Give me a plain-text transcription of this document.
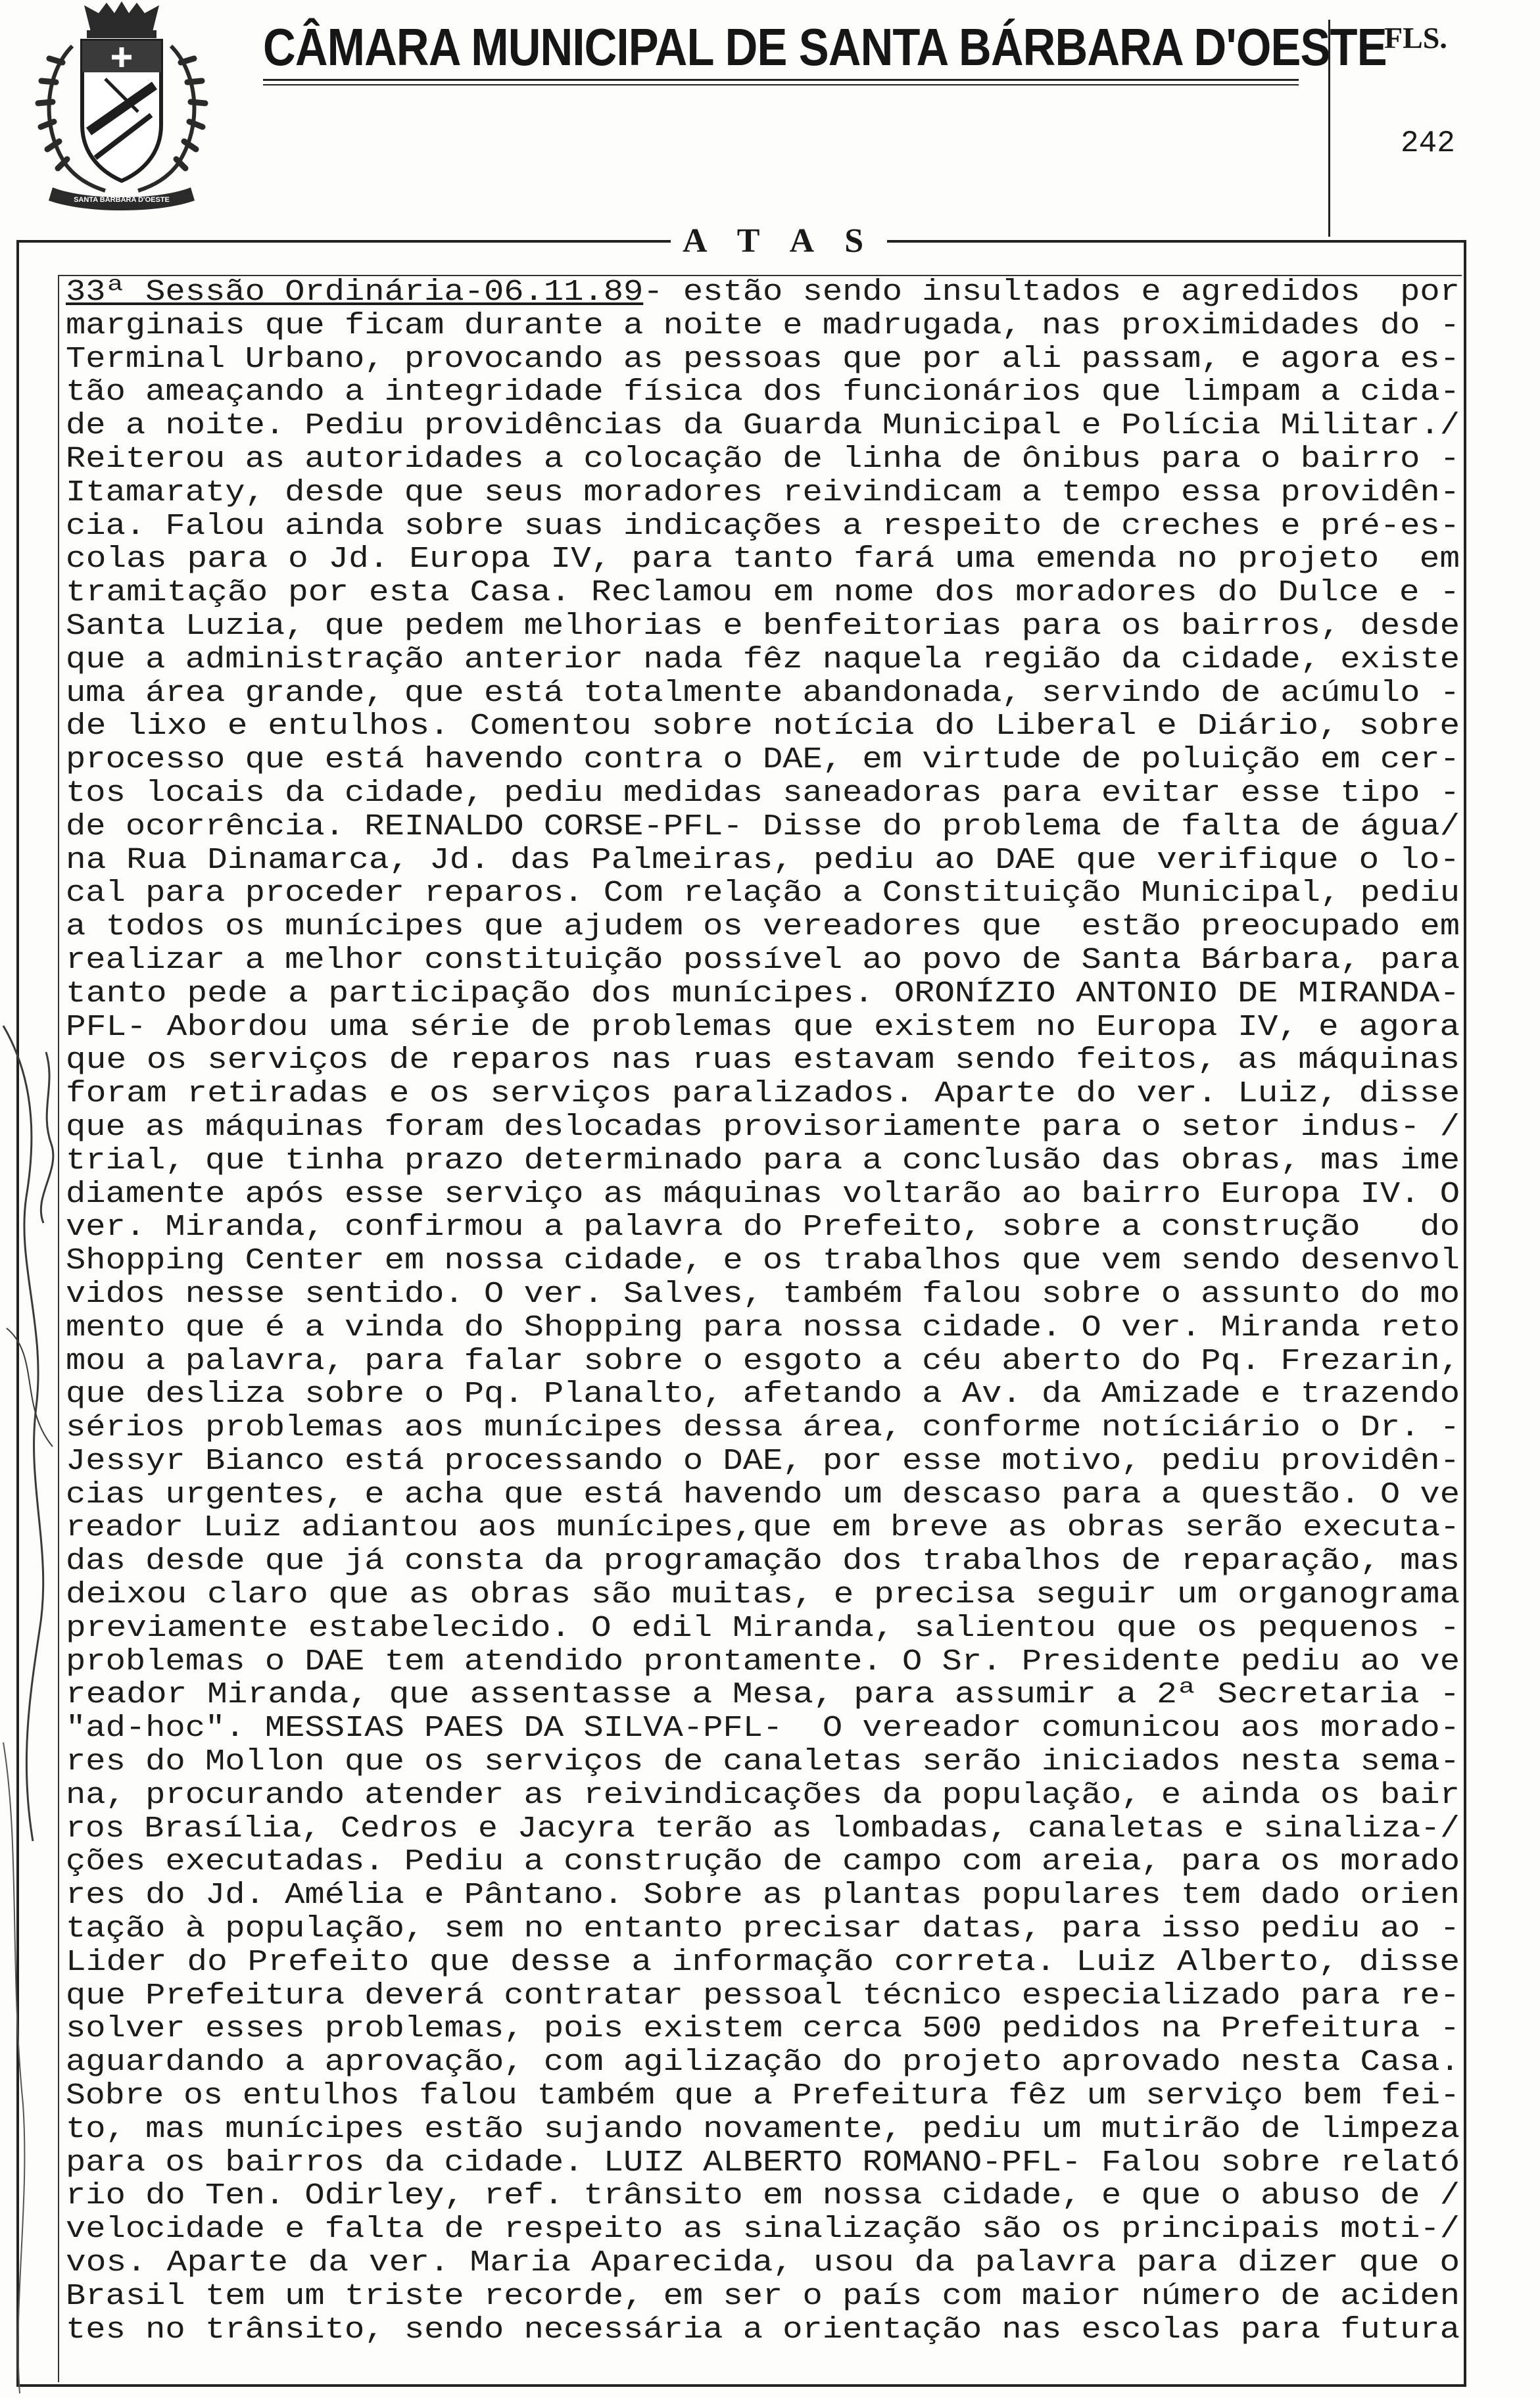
SANTA BARBARA D'OESTE
CÂMARA MUNICIPAL DE SANTA BÁRBARA D'OESTE
FLS.
242
A T A S
33ª Sessão Ordinária-06.11.89- estão sendo insultados e agredidos  por
marginais que ficam durante a noite e madrugada, nas proximidades do -
Terminal Urbano, provocando as pessoas que por ali passam, e agora es-
tão ameaçando a integridade física dos funcionários que limpam a cida-
de a noite. Pediu providências da Guarda Municipal e Polícia Militar./
Reiterou as autoridades a colocação de linha de ônibus para o bairro -
Itamaraty, desde que seus moradores reivindicam a tempo essa providên-
cia. Falou ainda sobre suas indicações a respeito de creches e pré-es-
colas para o Jd. Europa IV, para tanto fará uma emenda no projeto  em
tramitação por esta Casa. Reclamou em nome dos moradores do Dulce e -
Santa Luzia, que pedem melhorias e benfeitorias para os bairros, desde
que a administração anterior nada fêz naquela região da cidade, existe
uma área grande, que está totalmente abandonada, servindo de acúmulo -
de lixo e entulhos. Comentou sobre notícia do Liberal e Diário, sobre
processo que está havendo contra o DAE, em virtude de poluição em cer-
tos locais da cidade, pediu medidas saneadoras para evitar esse tipo -
de ocorrência. REINALDO CORSE-PFL- Disse do problema de falta de água/
na Rua Dinamarca, Jd. das Palmeiras, pediu ao DAE que verifique o lo-
cal para proceder reparos. Com relação a Constituição Municipal, pediu
a todos os munícipes que ajudem os vereadores que  estão preocupado em
realizar a melhor constituição possível ao povo de Santa Bárbara, para
tanto pede a participação dos munícipes. ORONÍZIO ANTONIO DE MIRANDA-
PFL- Abordou uma série de problemas que existem no Europa IV, e agora
que os serviços de reparos nas ruas estavam sendo feitos, as máquinas
foram retiradas e os serviços paralizados. Aparte do ver. Luiz, disse
que as máquinas foram deslocadas provisoriamente para o setor indus- /
trial, que tinha prazo determinado para a conclusão das obras, mas ime
diamente após esse serviço as máquinas voltarão ao bairro Europa IV. O
ver. Miranda, confirmou a palavra do Prefeito, sobre a construção   do
Shopping Center em nossa cidade, e os trabalhos que vem sendo desenvol
vidos nesse sentido. O ver. Salves, também falou sobre o assunto do mo
mento que é a vinda do Shopping para nossa cidade. O ver. Miranda reto
mou a palavra, para falar sobre o esgoto a céu aberto do Pq. Frezarin,
que desliza sobre o Pq. Planalto, afetando a Av. da Amizade e trazendo
sérios problemas aos munícipes dessa área, conforme notíciário o Dr. -
Jessyr Bianco está processando o DAE, por esse motivo, pediu providên-
cias urgentes, e acha que está havendo um descaso para a questão. O ve
reador Luiz adiantou aos munícipes,que em breve as obras serão executa-
das desde que já consta da programação dos trabalhos de reparação, mas
deixou claro que as obras são muitas, e precisa seguir um organograma
previamente estabelecido. O edil Miranda, salientou que os pequenos -
problemas o DAE tem atendido prontamente. O Sr. Presidente pediu ao ve
reador Miranda, que assentasse a Mesa, para assumir a 2ª Secretaria -
"ad-hoc". MESSIAS PAES DA SILVA-PFL-  O vereador comunicou aos morado-
res do Mollon que os serviços de canaletas serão iniciados nesta sema-
na, procurando atender as reivindicações da população, e ainda os bair
ros Brasília, Cedros e Jacyra terão as lombadas, canaletas e sinaliza-/
ções executadas. Pediu a construção de campo com areia, para os morado
res do Jd. Amélia e Pântano. Sobre as plantas populares tem dado orien
tação à população, sem no entanto precisar datas, para isso pediu ao -
Lider do Prefeito que desse a informação correta. Luiz Alberto, disse
que Prefeitura deverá contratar pessoal técnico especializado para re-
solver esses problemas, pois existem cerca 500 pedidos na Prefeitura -
aguardando a aprovação, com agilização do projeto aprovado nesta Casa.
Sobre os entulhos falou também que a Prefeitura fêz um serviço bem fei-
to, mas munícipes estão sujando novamente, pediu um mutirão de limpeza
para os bairros da cidade. LUIZ ALBERTO ROMANO-PFL- Falou sobre relató
rio do Ten. Odirley, ref. trânsito em nossa cidade, e que o abuso de /
velocidade e falta de respeito as sinalização são os principais moti-/
vos. Aparte da ver. Maria Aparecida, usou da palavra para dizer que o
Brasil tem um triste recorde, em ser o país com maior número de aciden
tes no trânsito, sendo necessária a orientação nas escolas para futura
